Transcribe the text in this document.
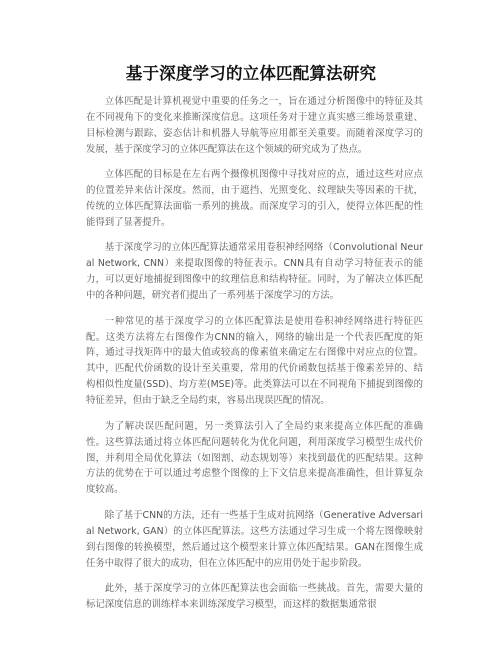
基于深度学习的立体匹配算法研究

立体匹配是计算机视觉中重要的任务之一，旨在通过分析图像中的特征及其在不同视角下的变化来推断深度信息。这项任务对于建立真实感三维场景重建、目标检测与跟踪、姿态估计和机器人导航等应用都至关重要。而随着深度学习的发展，基于深度学习的立体匹配算法在这个领域的研究成为了热点。

立体匹配的目标是在左右两个摄像机图像中寻找对应的点，通过这些对应点的位置差异来估计深度。然而，由于遮挡、光照变化、纹理缺失等因素的干扰，传统的立体匹配算法面临一系列的挑战。而深度学习的引入，使得立体匹配的性能得到了显著提升。

基于深度学习的立体匹配算法通常采用卷积神经网络（Convolutional Neural Network, CNN）来提取图像的特征表示。CNN具有自动学习特征表示的能力，可以更好地捕捉到图像中的纹理信息和结构特征。同时，为了解决立体匹配中的各种问题，研究者们提出了一系列基于深度学习的方法。

一种常见的基于深度学习的立体匹配算法是使用卷积神经网络进行特征匹配。这类方法将左右图像作为CNN的输入，网络的输出是一个代表匹配度的矩阵，通过寻找矩阵中的最大值或较高的像素值来确定左右图像中对应点的位置。其中，匹配代价函数的设计至关重要，常用的代价函数包括基于像素差异的、结构相似性度量(SSD)、均方差(MSE)等。此类算法可以在不同视角下捕捉到图像的特征差异，但由于缺乏全局约束，容易出现误匹配的情况。

为了解决误匹配问题，另一类算法引入了全局约束来提高立体匹配的准确性。这些算法通过将立体匹配问题转化为优化问题，利用深度学习模型生成代价图，并利用全局优化算法（如图割、动态规划等）来找到最优的匹配结果。这种方法的优势在于可以通过考虑整个图像的上下文信息来提高准确性，但计算复杂度较高。

除了基于CNN的方法，还有一些基于生成对抗网络（Generative Adversarial Network, GAN）的立体匹配算法。这些方法通过学习生成一个将左图像映射到右图像的转换模型，然后通过这个模型来计算立体匹配结果。GAN在图像生成任务中取得了很大的成功，但在立体匹配中的应用仍处于起步阶段。

此外，基于深度学习的立体匹配算法也会面临一些挑战。首先，需要大量的标记深度信息的训练样本来训练深度学习模型，而这样的数据集通常很
